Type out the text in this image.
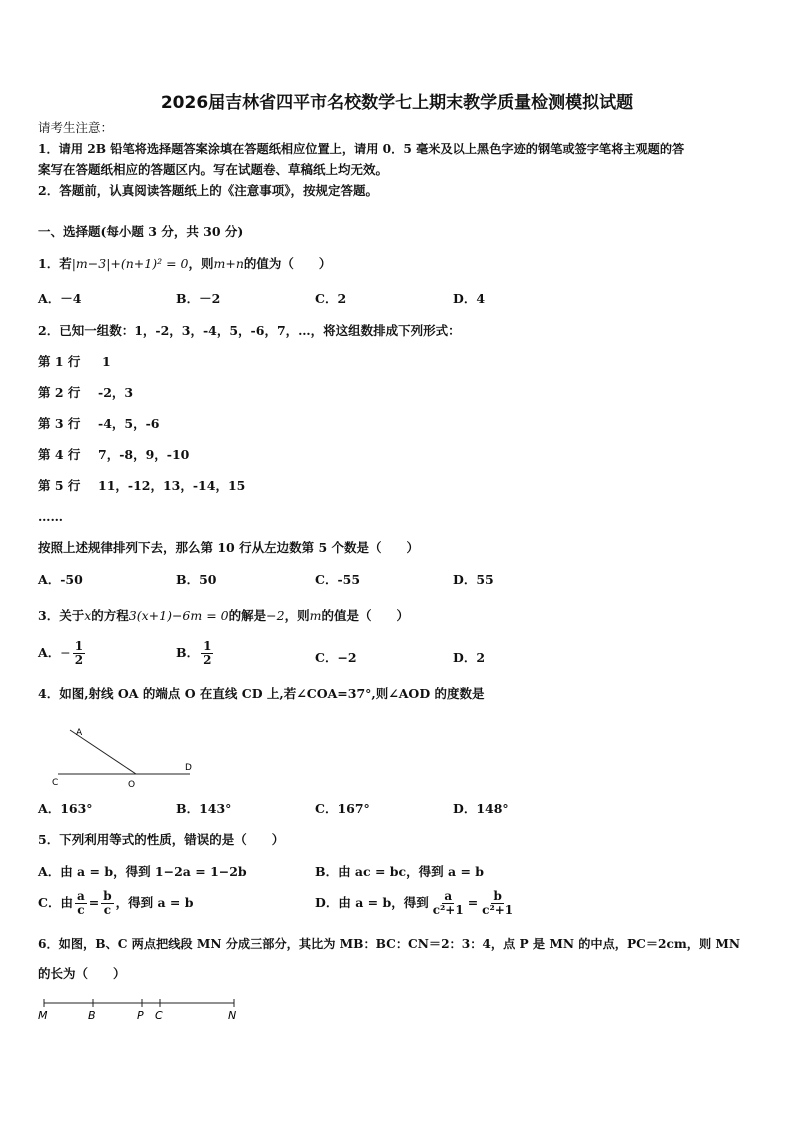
2026届吉林省四平市名校数学七上期末教学质量检测模拟试题
请考生注意：
1．请用 2B 铅笔将选择题答案涂填在答题纸相应位置上，请用 0．5 毫米及以上黑色字迹的钢笔或签字笔将主观题的答
案写在答题纸相应的答题区内。写在试题卷、草稿纸上均无效。
2．答题前，认真阅读答题纸上的《注意事项》，按规定答题。
一、选择题(每小题 3 分，共 30 分)
1．若|m−3|+(n+1)² = 0，则m+n的值为（　　）
A．－4	B．－2	C．2	D．4
2．已知一组数：1，-2，3，-4，5，-6，7，…，将这组数排成下列形式：
第 1 行 1
第 2 行 -2，3
第 3 行 -4，5，-6
第 4 行 7，-8，9，-10
第 5 行 11，-12，13，-14，15
……
按照上述规律排列下去，那么第 10 行从左边数第 5 个数是（　　）
A．-50	B．50	C．-55	D．55
3．关于x的方程3(x+1)−6m = 0的解是−2，则m的值是（　　）
A．− $\frac{1}{2}$	B． $\frac{1}{2}$	C．−2	D．2
4．如图,射线 OA 的端点 O 在直线 CD 上,若∠COA=37°,则∠AOD 的度数是
A
C	O
D
A．163°	B．143°	C．167°	D．148°
5．下列利用等式的性质，错误的是（　　）
A．由 a = b，得到 1−2a = 1−2b	B．由 ac = bc，得到 a = b
C．由 $\frac{a}{c} = \frac{b}{c}$ ，得到 a = b	D．由 a = b，得到 $\frac{a}{\text{c²+1}} = \frac{b}{\text{c²+1}}$
6．如图，B、C 两点把线段 MN 分成三部分，其比为 MB：BC：CN＝2：3：4，点 P 是 MN 的中点，PC＝2cm，则 MN
的长为（　　）
M	B	P C	N
